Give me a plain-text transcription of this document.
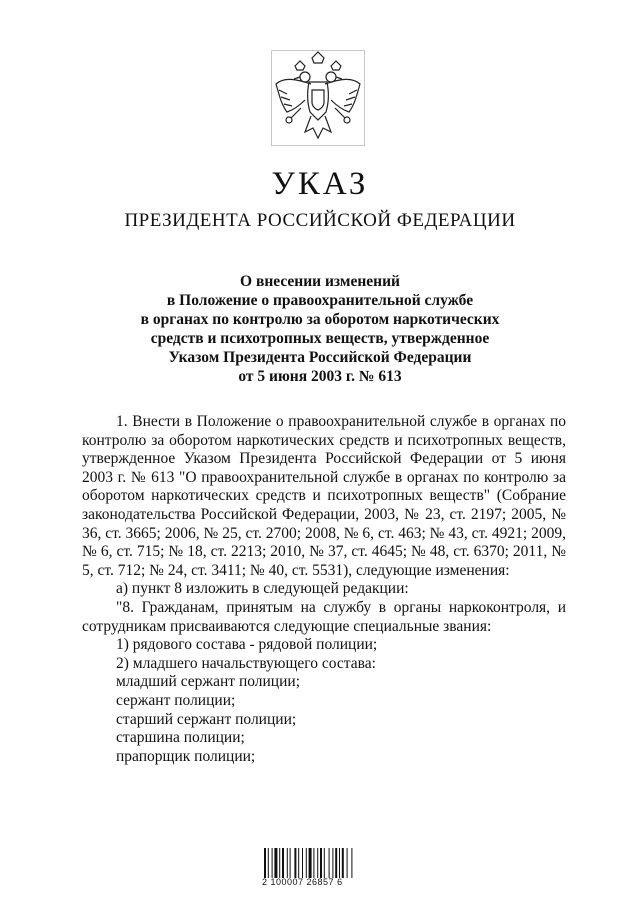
УКАЗ
ПРЕЗИДЕНТА РОССИЙСКОЙ ФЕДЕРАЦИИ
О внесении изменений
в Положение о правоохранительной службе
в органах по контролю за оборотом наркотических
средств и психотропных веществ, утвержденное
Указом Президента Российской Федерации
от 5 июня 2003 г. № 613
1. Внести в Положение о правоохранительной службе в органах по контролю за оборотом наркотических средств и психотропных веществ, утвержденное Указом Президента Российской Федерации от 5 июня 2003 г. № 613 "О правоохранительной службе в органах по контролю за оборотом наркотических средств и психотропных веществ" (Собрание законодательства Российской Федерации, 2003, № 23, ст. 2197; 2005, № 36, ст. 3665; 2006, № 25, ст. 2700; 2008, № 6, ст. 463; № 43, ст. 4921; 2009, № 6, ст. 715; № 18, ст. 2213; 2010, № 37, ст. 4645; № 48, ст. 6370; 2011, № 5, ст. 712; № 24, ст. 3411; № 40, ст. 5531), следующие изменения:
а) пункт 8 изложить в следующей редакции:
"8. Гражданам, принятым на службу в органы наркоконтроля, и сотрудникам присваиваются следующие специальные звания:
1) рядового состава - рядовой полиции;
2) младшего начальствующего состава:
младший сержант полиции;
сержант полиции;
старший сержант полиции;
старшина полиции;
прапорщик полиции;
2 100007 26857 6
